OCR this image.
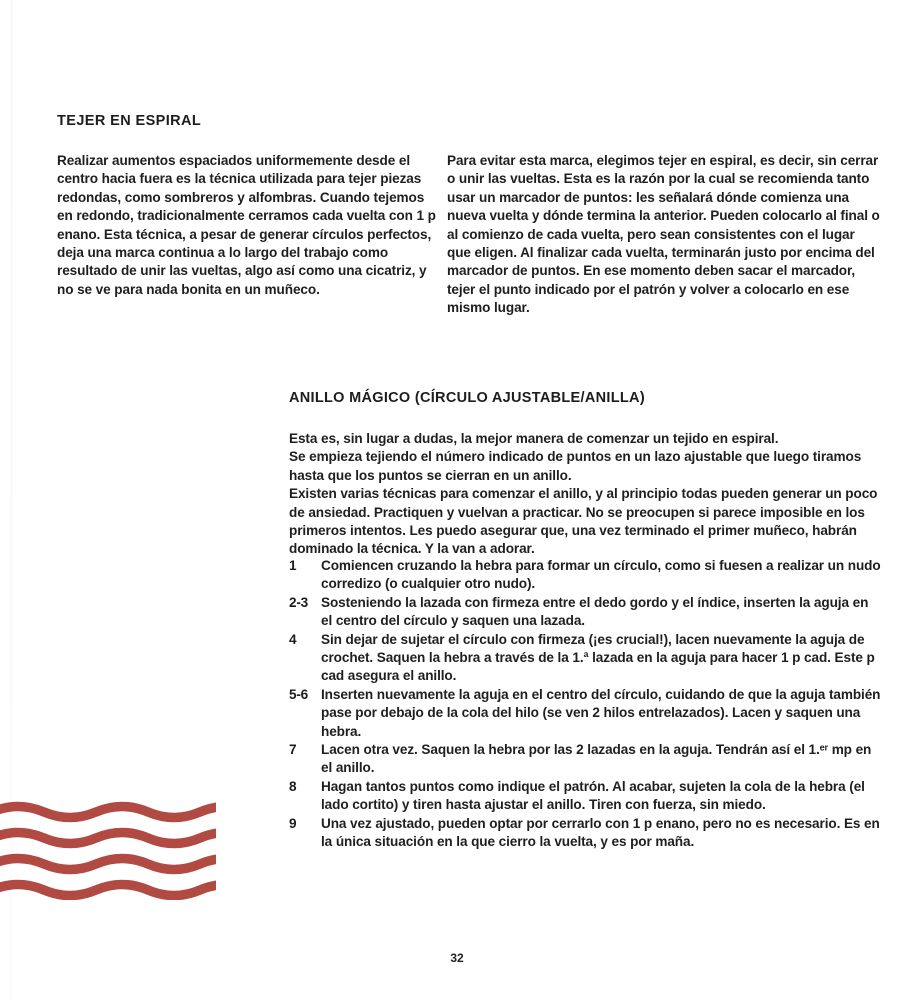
TEJER EN ESPIRAL
Realizar aumentos espaciados uniformemente desde el centro hacia fuera es la técnica utilizada para tejer piezas redondas, como sombreros y alfombras. Cuando tejemos en redondo, tradicionalmente cerramos cada vuelta con 1 p enano. Esta técnica, a pesar de generar círculos perfectos, deja una marca continua a lo largo del trabajo como resultado de unir las vueltas, algo así como una cicatriz, y no se ve para nada bonita en un muñeco.
Para evitar esta marca, elegimos tejer en espiral, es decir, sin cerrar o unir las vueltas. Esta es la razón por la cual se recomienda tanto usar un marcador de puntos: les señalará dónde comienza una nueva vuelta y dónde termina la anterior. Pueden colocarlo al final o al comienzo de cada vuelta, pero sean consistentes con el lugar que eligen. Al finalizar cada vuelta, terminarán justo por encima del marcador de puntos. En ese momento deben sacar el marcador, tejer el punto indicado por el patrón y volver a colocarlo en ese mismo lugar.
ANILLO MÁGICO (CÍRCULO AJUSTABLE/ANILLA)

Esta es, sin lugar a dudas, la mejor manera de comenzar un tejido en espiral.

Se empieza tejiendo el número indicado de puntos en un lazo ajustable que luego tiramos hasta que los puntos se cierran en un anillo.

Existen varias técnicas para comenzar el anillo, y al principio todas pueden generar un poco de ansiedad. Practiquen y vuelvan a practicar. No se preocupen si parece imposible en los primeros intentos. Les puedo asegurar que, una vez terminado el primer muñeco, habrán dominado la técnica. Y la van a adorar.

1	Comiencen cruzando la hebra para formar un círculo, como si fuesen a realizar un nudo corredizo (o cualquier otro nudo).
2-3 Sosteniendo la lazada con firmeza entre el dedo gordo y el índice, inserten la aguja en el centro del círculo y saquen una lazada.
4	Sin dejar de sujetar el círculo con firmeza (¡es crucial!), lacen nuevamente la aguja de crochet. Saquen la hebra a través de la 1.ª lazada en la aguja para hacer 1 p cad. Este p cad asegura el anillo.
5-6 Inserten nuevamente la aguja en el centro del círculo, cuidando de que la aguja también pase por debajo de la cola del hilo (se ven 2 hilos entrelazados). Lacen y saquen una hebra.
7	Lacen otra vez. Saquen la hebra por las 2 lazadas en la aguja. Tendrán así el 1.ᵉʳ mp en el anillo.
8	Hagan tantos puntos como indique el patrón. Al acabar, sujeten la cola de la hebra (el lado cortito) y tiren hasta ajustar el anillo. Tiren con fuerza, sin miedo.
9	Una vez ajustado, pueden optar por cerrarlo con 1 p enano, pero no es necesario. Es en la única situación en la que cierro la vuelta, y es por maña.
32
